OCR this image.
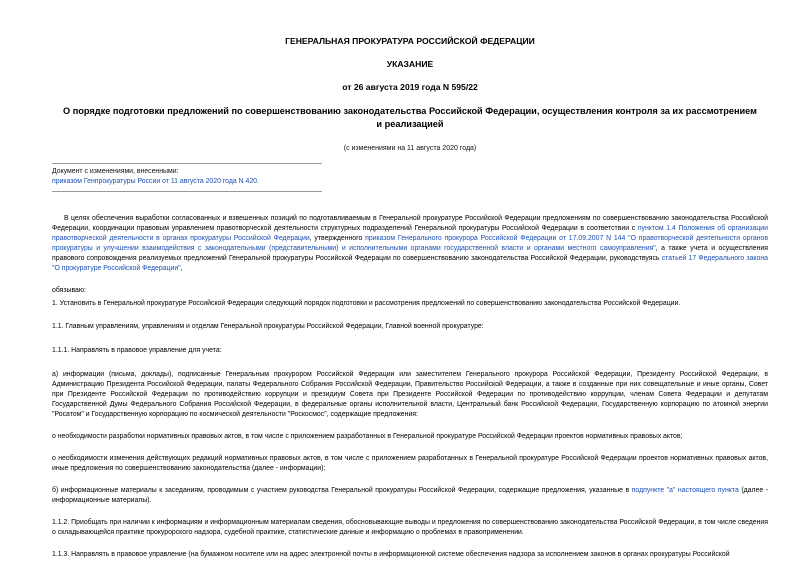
ГЕНЕРАЛЬНАЯ ПРОКУРАТУРА РОССИЙСКОЙ ФЕДЕРАЦИИ
УКАЗАНИЕ
от 26 августа 2019 года N 595/22
О порядке подготовки предложений по совершенствованию законодательства Российской Федерации, осуществления контроля за их рассмотрением и реализацией
(с изменениями на 11 августа 2020 года)
Документ с изменениями, внесенными:
приказом Генпрокуратуры России от 11 августа 2020 года N 420.

В целях обеспечения выработки согласованных и взвешенных позиций по подготавливаемым в Генеральной прокуратуре Российской Федерации предложениям по совершенствованию законодательства Российской Федерации, координации правовым управлением правотворческой деятельности структурных подразделений Генеральной прокуратуры Российской Федерации в соответствии с пунктом 1.4 Положения об организации правотворческой деятельности в органах прокуратуры Российской Федерации, утвержденного приказом Генерального прокурора Российской Федерации от 17.09.2007 N 144 "О правотворческой деятельности органов прокуратуры и улучшении взаимодействия с законодательными (представительными) и исполнительными органами государственной власти и органами местного самоуправления", а также учета и осуществления правового сопровождения реализуемых предложений Генеральной прокуратуры Российской Федерации по совершенствованию законодательства Российской Федерации, руководствуясь статьей 17 Федерального закона "О прокуратуре Российской Федерации",

обязываю:

1. Установить в Генеральной прокуратуре Российской Федерации следующий порядок подготовки и рассмотрения предложений по совершенствованию законодательства Российской Федерации.

1.1. Главным управлениям, управлениям и отделам Генеральной прокуратуры Российской Федерации, Главной военной прокуратуре:

1.1.1. Направлять в правовое управление для учета:

а) информации (письма, доклады), подписанные Генеральным прокурором Российской Федерации или заместителем Генерального прокурора Российской Федерации, Президенту Российской Федерации, в Администрацию Президента Российской Федерации, палаты Федерального Собрания Российской Федерации, Правительство Российской Федерации, а также в созданные при них совещательные и иные органы, Совет при Президенте Российской Федерации по противодействию коррупции и президиум Совета при Президенте Российской Федерации по противодействию коррупции, членам Совета Федерации и депутатам Государственной Думы Федерального Собрания Российской Федерации, в федеральные органы исполнительной власти, Центральный банк Российской Федерации, Государственную корпорацию по атомной энергии "Росатом" и Государственную корпорацию по космической деятельности "Роскосмос", содержащие предложения:

о необходимости разработки нормативных правовых актов, в том числе с приложением разработанных в Генеральной прокуратуре Российской Федерации проектов нормативных правовых актов;

о необходимости изменения действующих редакций нормативных правовых актов, в том числе с приложением разработанных в Генеральной прокуратуре Российской Федерации проектов нормативных правовых актов, иные предложения по совершенствованию законодательства (далее - информации);

б) информационные материалы к заседаниям, проводимым с участием руководства Генеральной прокуратуры Российской Федерации, содержащие предложения, указанные в подпункте "а" настоящего пункта (далее - информационные материалы).

1.1.2. Приобщать при наличии к информациям и информационным материалам сведения, обосновывающие выводы и предложения по совершенствованию законодательства Российской Федерации, в том числе сведения о складывающейся практике прокурорского надзора, судебной практике, статистические данные и информацию о проблемах в правоприменении.

1.1.3. Направлять в правовое управление (на бумажном носителе или на адрес электронной почты в информационной системе обеспечения надзора за исполнением законов в органах прокуратуры Российской
